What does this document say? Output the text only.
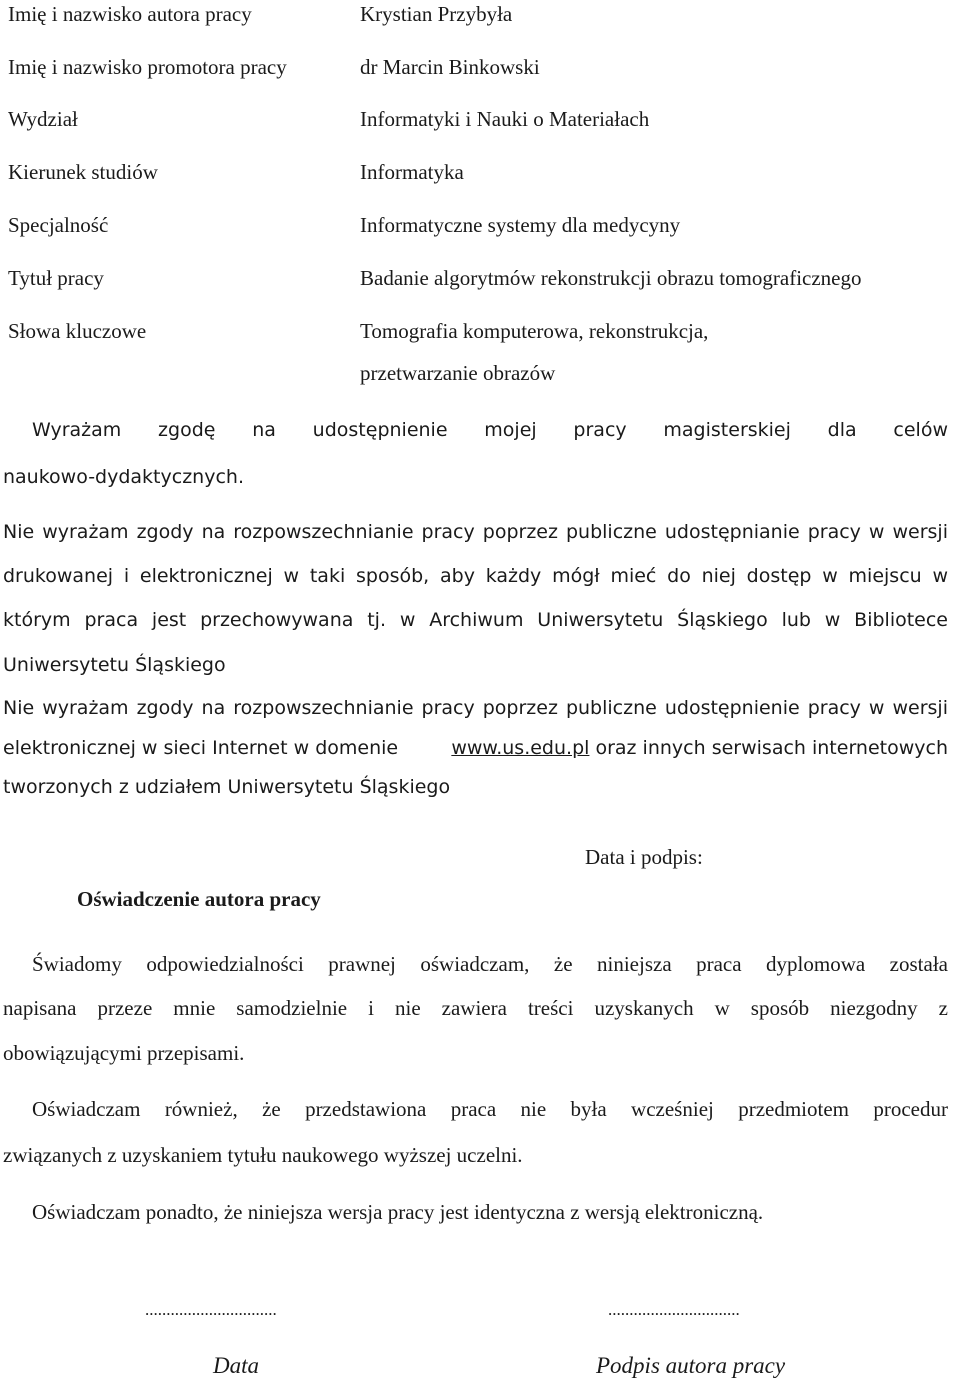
Imię i nazwisko autora pracy	Krystian Przybyła
Imię i nazwisko promotora pracy	dr Marcin Binkowski
Wydział	Informatyki i Nauki o Materiałach
Kierunek studiów	Informatyka
Specjalność	Informatyczne systemy dla medycyny
Tytuł pracy	Badanie algorytmów rekonstrukcji obrazu tomograficznego
Słowa kluczowe	Tomografia komputerowa, rekonstrukcja,
przetwarzanie obrazów
Wyrażam zgodę na udostępnienie mojej pracy magisterskiej dla celów
naukowo-dydaktycznych.
Nie wyrażam zgody na rozpowszechnianie pracy poprzez publiczne udostępnianie pracy w wersji
drukowanej i elektronicznej w taki sposób, aby każdy mógł mieć do niej dostęp w miejscu w
którym praca jest przechowywana tj. w Archiwum Uniwersytetu Śląskiego lub w Bibliotece
Uniwersytetu Śląskiego
Nie wyrażam zgody na rozpowszechnianie pracy poprzez publiczne udostępnienie pracy w wersji
elektronicznej w sieci Internet w domenie	www.us.edu.pl oraz innych serwisach internetowych
tworzonych z udziałem Uniwersytetu Śląskiego
Data i podpis:
Oświadczenie autora pracy
Świadomy odpowiedzialności prawnej oświadczam, że niniejsza praca dyplomowa została
napisana przeze mnie samodzielnie i nie zawiera treści uzyskanych w sposób niezgodny z
obowiązującymi przepisami.
Oświadczam również, że przedstawiona praca nie była wcześniej przedmiotem procedur
związanych z uzyskaniem tytułu naukowego wyższej uczelni.
Oświadczam ponadto, że niniejsza wersja pracy jest identyczna z wersją elektroniczną.
...............................	...............................
Data	Podpis autora pracy
